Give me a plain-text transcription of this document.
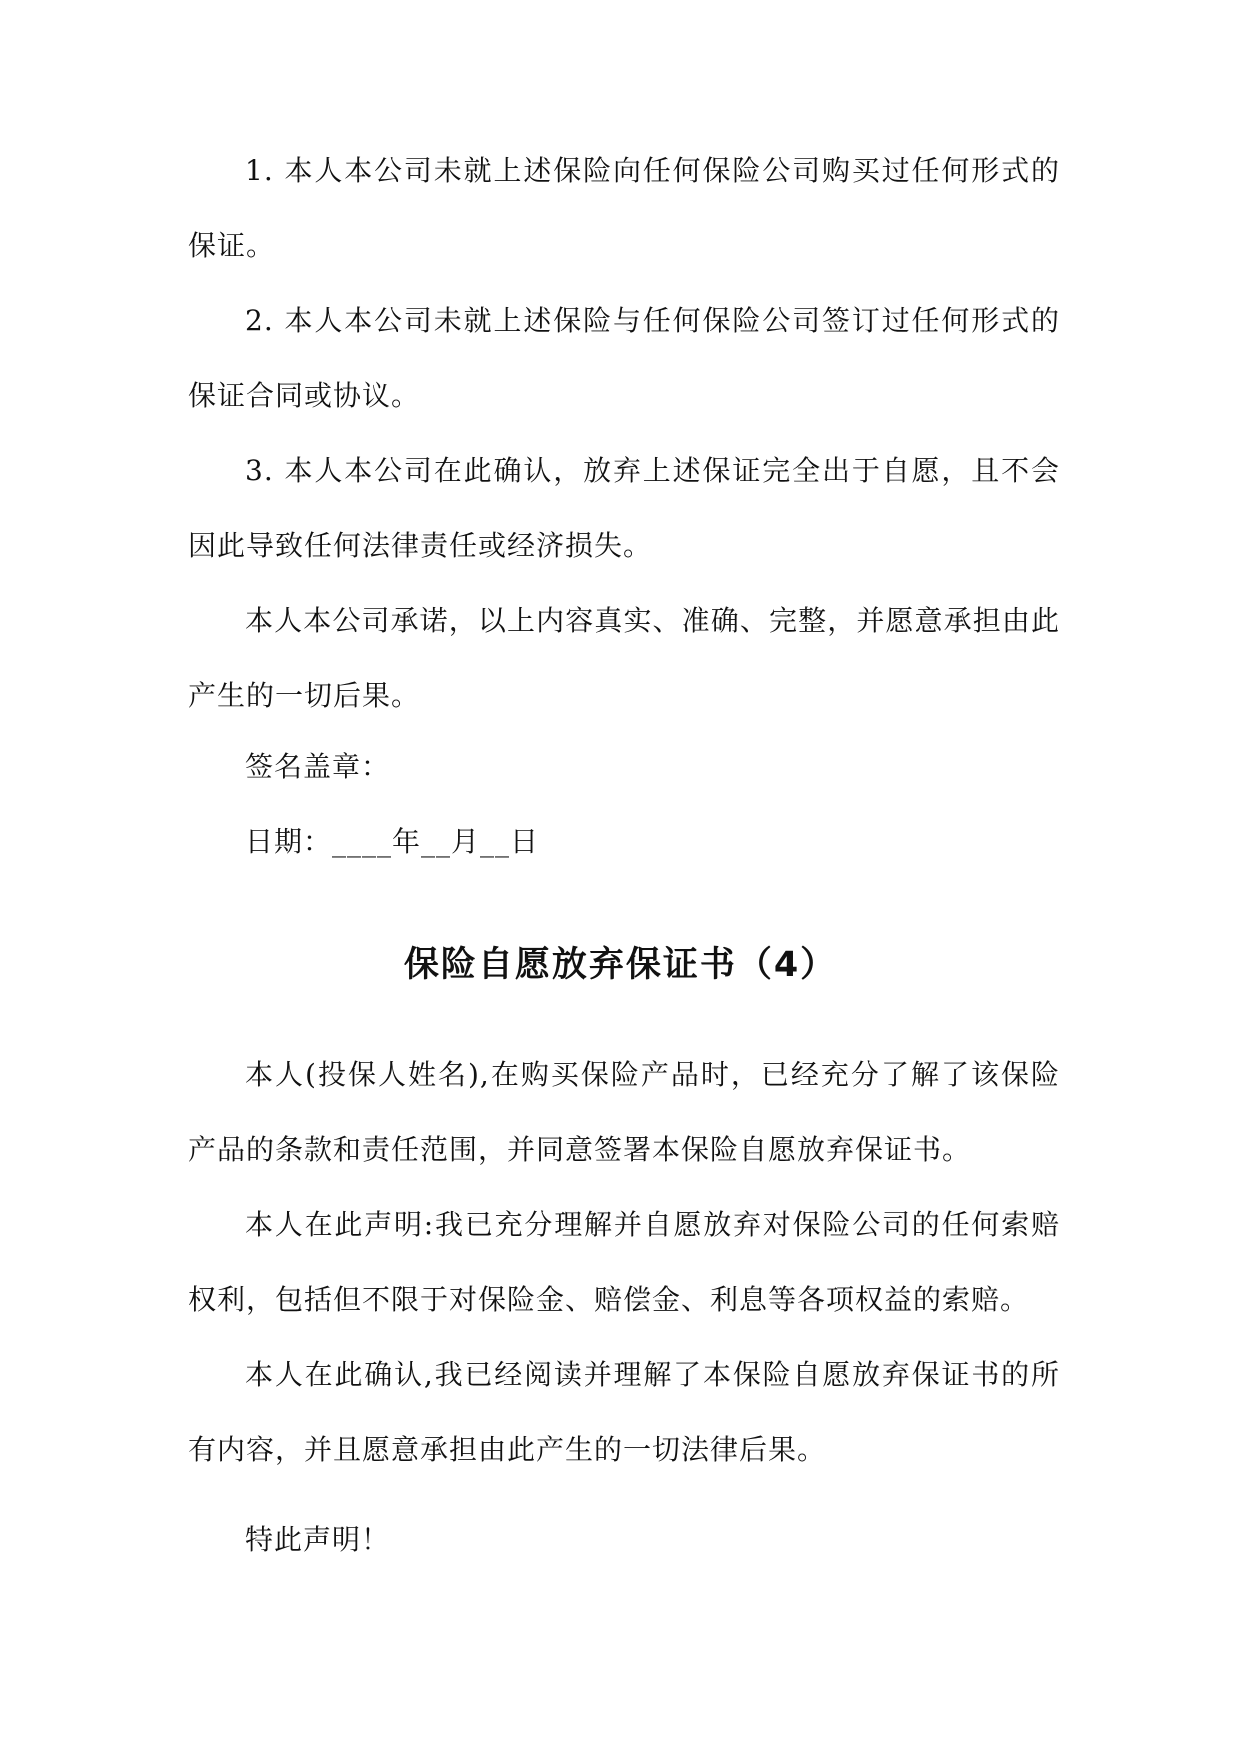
1. 本人本公司未就上述保险向任何保险公司购买过任何形式的保证。

2. 本人本公司未就上述保险与任何保险公司签订过任何形式的保证合同或协议。

3. 本人本公司在此确认，放弃上述保证完全出于自愿，且不会因此导致任何法律责任或经济损失。

本人本公司承诺，以上内容真实、准确、完整，并愿意承担由此产生的一切后果。

签名盖章：

日期：____年__月__日

保险自愿放弃保证书（4）

本人(投保人姓名),在购买保险产品时，已经充分了解了该保险产品的条款和责任范围，并同意签署本保险自愿放弃保证书。

本人在此声明:我已充分理解并自愿放弃对保险公司的任何索赔权利，包括但不限于对保险金、赔偿金、利息等各项权益的索赔。

本人在此确认,我已经阅读并理解了本保险自愿放弃保证书的所有内容，并且愿意承担由此产生的一切法律后果。

特此声明！
